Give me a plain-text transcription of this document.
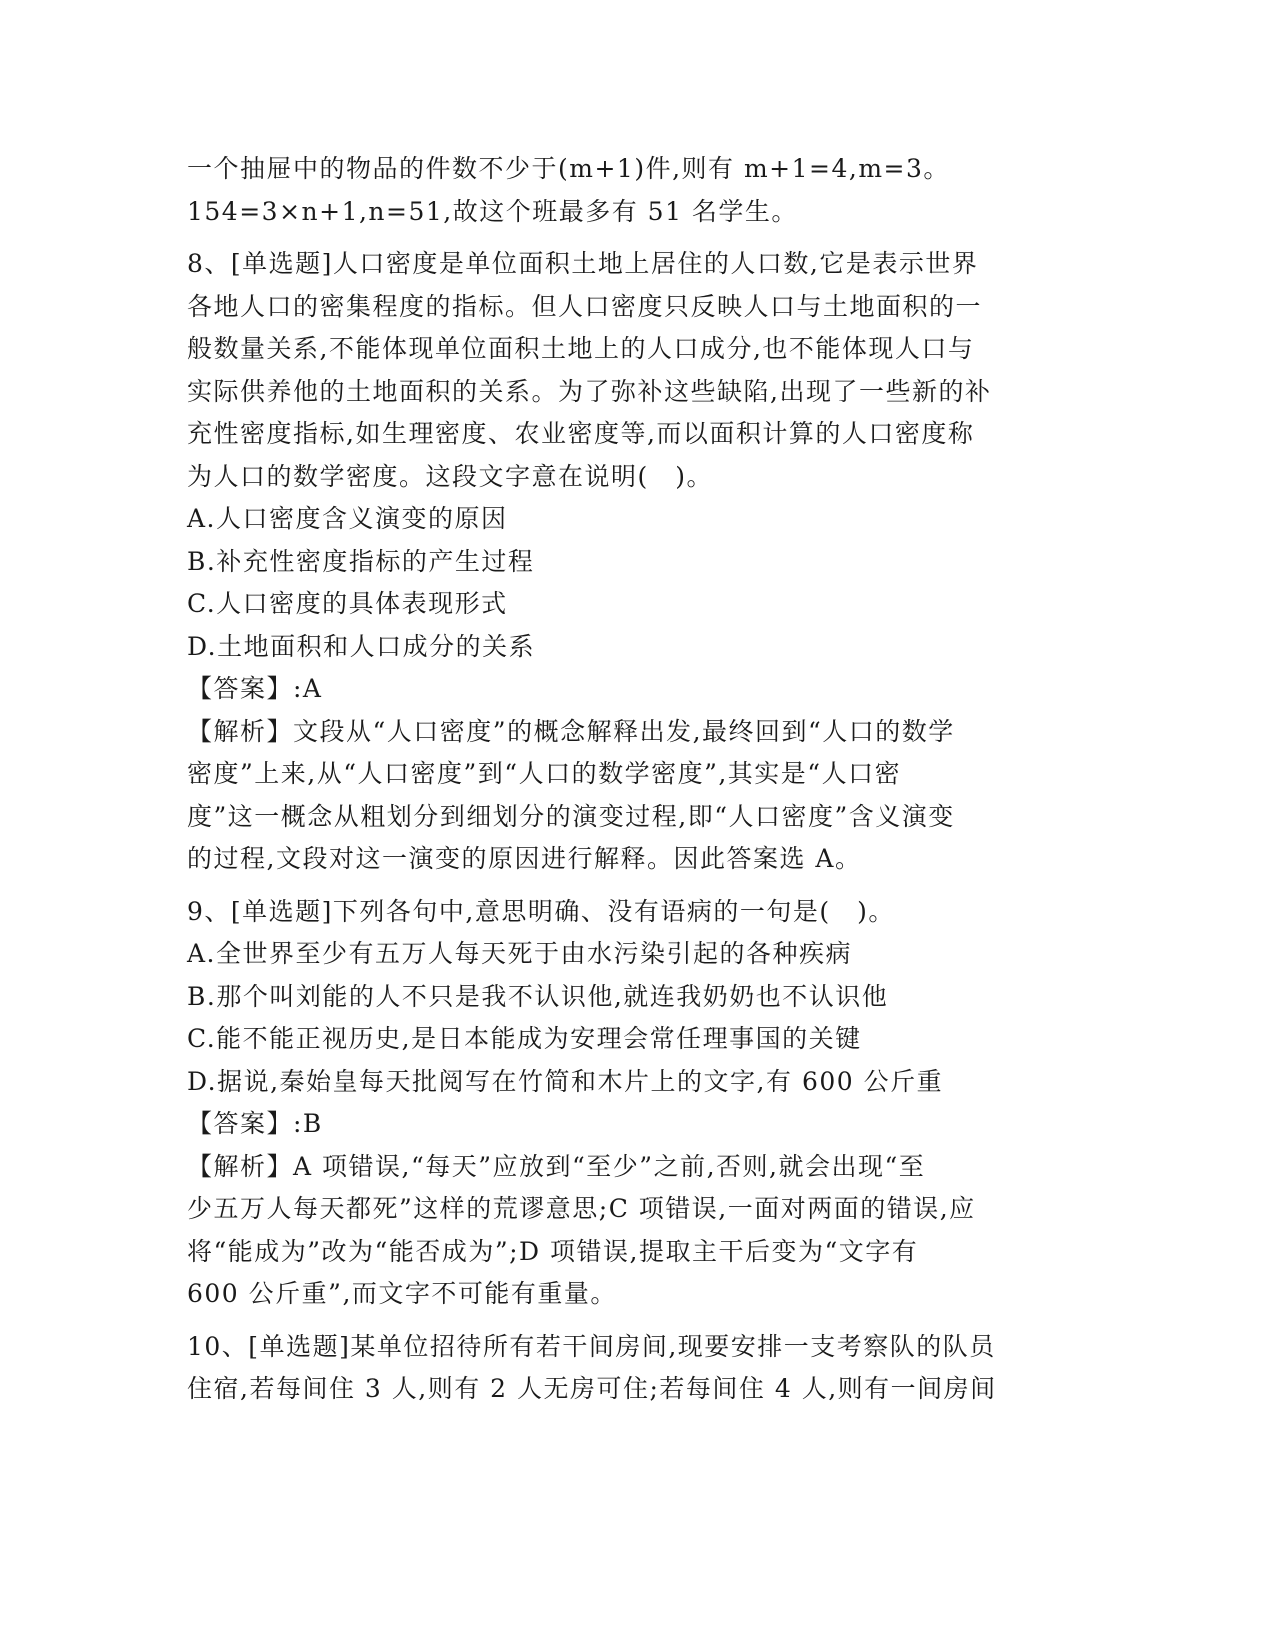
一个抽屉中的物品的件数不少于(m+1)件,则有 m+1=4,m=3。
154=3×n+1,n=51,故这个班最多有 51 名学生。
8、[单选题]人口密度是单位面积土地上居住的人口数,它是表示世界
各地人口的密集程度的指标。但人口密度只反映人口与土地面积的一
般数量关系,不能体现单位面积土地上的人口成分,也不能体现人口与
实际供养他的土地面积的关系。为了弥补这些缺陷,出现了一些新的补
充性密度指标,如生理密度、农业密度等,而以面积计算的人口密度称
为人口的数学密度。这段文字意在说明(　)。
A.人口密度含义演变的原因
B.补充性密度指标的产生过程
C.人口密度的具体表现形式
D.土地面积和人口成分的关系
【答案】:A
【解析】文段从“人口密度”的概念解释出发,最终回到“人口的数学
密度”上来,从“人口密度”到“人口的数学密度”,其实是“人口密
度”这一概念从粗划分到细划分的演变过程,即“人口密度”含义演变
的过程,文段对这一演变的原因进行解释。因此答案选 A。
9、[单选题]下列各句中,意思明确、没有语病的一句是(　)。
A.全世界至少有五万人每天死于由水污染引起的各种疾病
B.那个叫刘能的人不只是我不认识他,就连我奶奶也不认识他
C.能不能正视历史,是日本能成为安理会常任理事国的关键
D.据说,秦始皇每天批阅写在竹简和木片上的文字,有 600 公斤重
【答案】:B
【解析】A 项错误,“每天”应放到“至少”之前,否则,就会出现“至
少五万人每天都死”这样的荒谬意思;C 项错误,一面对两面的错误,应
将“能成为”改为“能否成为”;D 项错误,提取主干后变为“文字有
600 公斤重”,而文字不可能有重量。
10、[单选题]某单位招待所有若干间房间,现要安排一支考察队的队员
住宿,若每间住 3 人,则有 2 人无房可住;若每间住 4 人,则有一间房间
